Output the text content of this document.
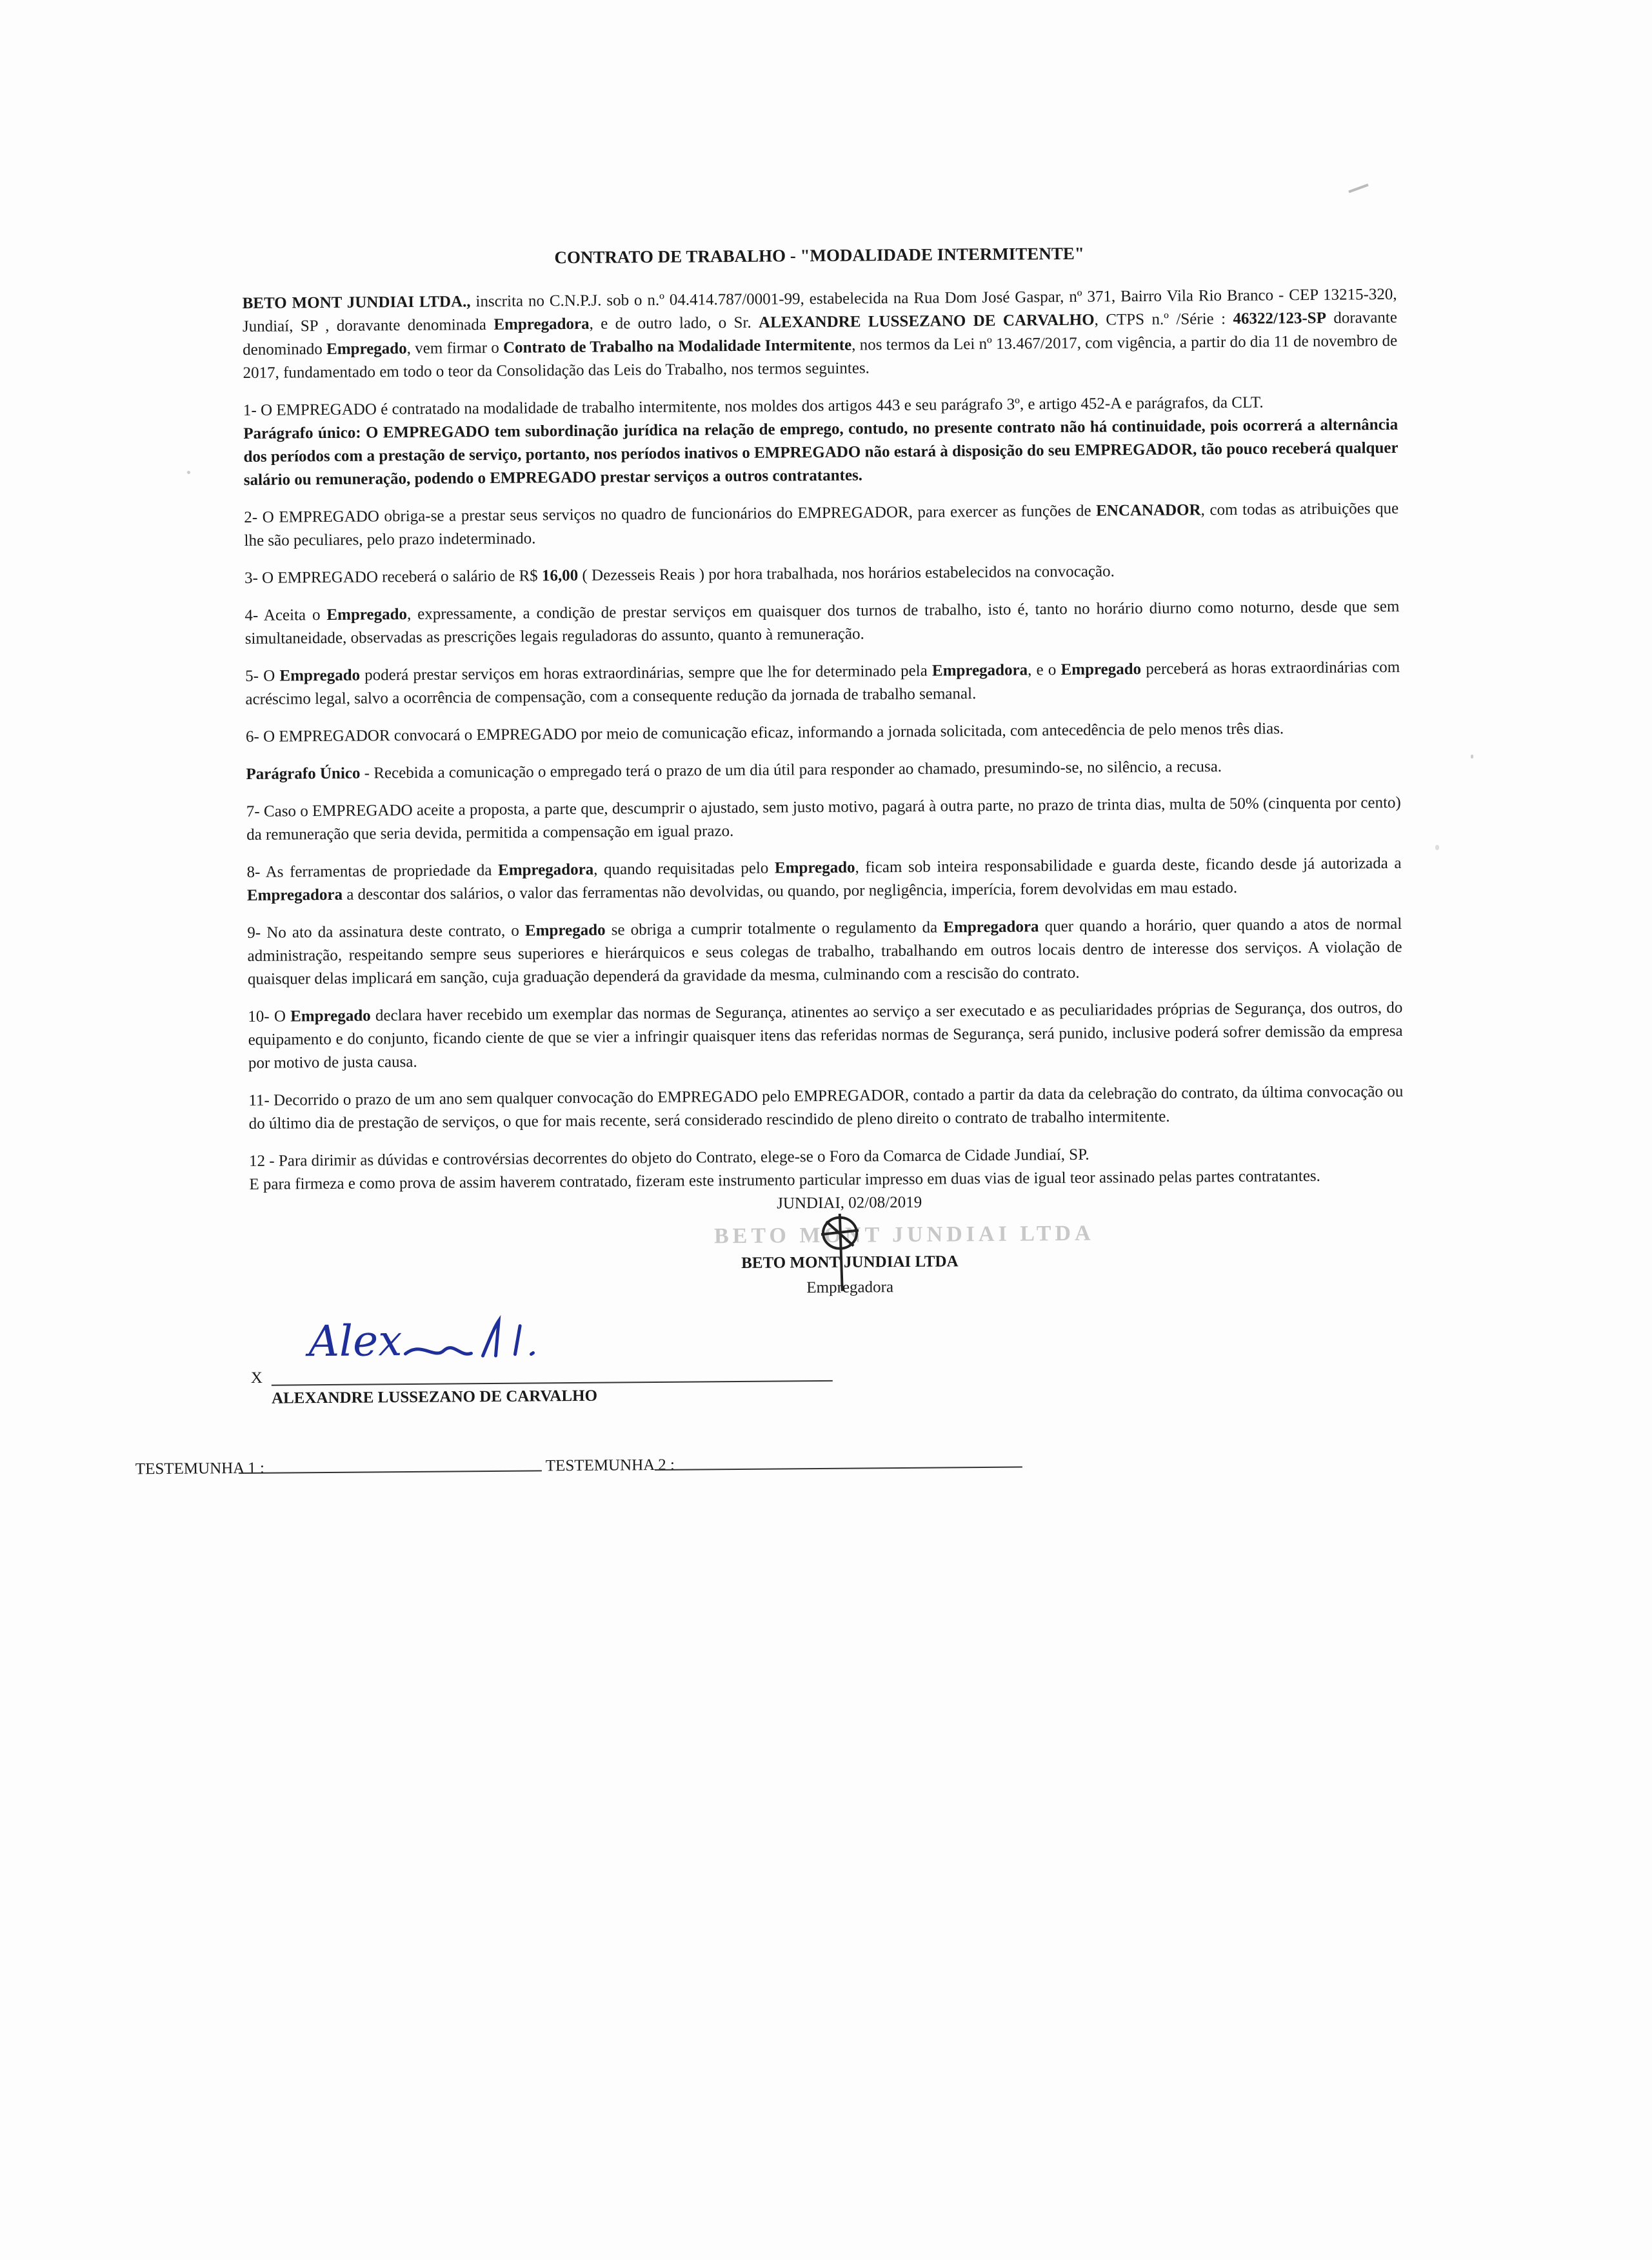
CONTRATO DE TRABALHO - "MODALIDADE INTERMITENTE"

BETO MONT JUNDIAI LTDA., inscrita no C.N.P.J. sob o n.º 04.414.787/0001-99, estabelecida na Rua Dom José Gaspar, nº 371, Bairro Vila Rio Branco - CEP 13215-320, Jundiaí, SP , doravante denominada Empregadora, e de outro lado, o Sr. ALEXANDRE LUSSEZANO DE CARVALHO, CTPS n.º /Série : 46322/123-SP doravante denominado Empregado, vem firmar o Contrato de Trabalho na Modalidade Intermitente, nos termos da Lei nº 13.467/2017, com vigência, a partir do dia 11 de novembro de 2017, fundamentado em todo o teor da Consolidação das Leis do Trabalho, nos termos seguintes.

1- O EMPREGADO é contratado na modalidade de trabalho intermitente, nos moldes dos artigos 443 e seu parágrafo 3º, e artigo 452-A e parágrafos, da CLT.

Parágrafo único: O EMPREGADO tem subordinação jurídica na relação de emprego, contudo, no presente contrato não há continuidade, pois ocorrerá a alternância dos períodos com a prestação de serviço, portanto, nos períodos inativos o EMPREGADO não estará à disposição do seu EMPREGADOR, tão pouco receberá qualquer salário ou remuneração, podendo o EMPREGADO prestar serviços a outros contratantes.

2- O EMPREGADO obriga-se a prestar seus serviços no quadro de funcionários do EMPREGADOR, para exercer as funções de ENCANADOR, com todas as atribuições que lhe são peculiares, pelo prazo indeterminado.

3- O EMPREGADO receberá o salário de R$ 16,00 ( Dezesseis Reais ) por hora trabalhada, nos horários estabelecidos na convocação.

4- Aceita o Empregado, expressamente, a condição de prestar serviços em quaisquer dos turnos de trabalho, isto é, tanto no horário diurno como noturno, desde que sem simultaneidade, observadas as prescrições legais reguladoras do assunto, quanto à remuneração.

5- O Empregado poderá prestar serviços em horas extraordinárias, sempre que lhe for determinado pela Empregadora, e o Empregado perceberá as horas extraordinárias com acréscimo legal, salvo a ocorrência de compensação, com a consequente redução da jornada de trabalho semanal.

6- O EMPREGADOR convocará o EMPREGADO por meio de comunicação eficaz, informando a jornada solicitada, com antecedência de pelo menos três dias.

Parágrafo Único - Recebida a comunicação o empregado terá o prazo de um dia útil para responder ao chamado, presumindo-se, no silêncio, a recusa.

7- Caso o EMPREGADO aceite a proposta, a parte que, descumprir o ajustado, sem justo motivo, pagará à outra parte, no prazo de trinta dias, multa de 50% (cinquenta por cento) da remuneração que seria devida, permitida a compensação em igual prazo.

8- As ferramentas de propriedade da Empregadora, quando requisitadas pelo Empregado, ficam sob inteira responsabilidade e guarda deste, ficando desde já autorizada a Empregadora a descontar dos salários, o valor das ferramentas não devolvidas, ou quando, por negligência, imperícia, forem devolvidas em mau estado.

9- No ato da assinatura deste contrato, o Empregado se obriga a cumprir totalmente o regulamento da Empregadora quer quando a horário, quer quando a atos de normal administração, respeitando sempre seus superiores e hierárquicos e seus colegas de trabalho, trabalhando em outros locais dentro de interesse dos serviços. A violação de quaisquer delas implicará em sanção, cuja graduação dependerá da gravidade da mesma, culminando com a rescisão do contrato.

10- O Empregado declara haver recebido um exemplar das normas de Segurança, atinentes ao serviço a ser executado e as peculiaridades próprias de Segurança, dos outros, do equipamento e do conjunto, ficando ciente de que se vier a infringir quaisquer itens das referidas normas de Segurança, será punido, inclusive poderá sofrer demissão da empresa por motivo de justa causa.

11- Decorrido o prazo de um ano sem qualquer convocação do EMPREGADO pelo EMPREGADOR, contado a partir da data da celebração do contrato, da última convocação ou do último dia de prestação de serviços, o que for mais recente, será considerado rescindido de pleno direito o contrato de trabalho intermitente.

12 - Para dirimir as dúvidas e controvérsias decorrentes do objeto do Contrato, elege-se o Foro da Comarca de Cidade Jundiaí, SP.

E para firmeza e como prova de assim haverem contratado, fizeram este instrumento particular impresso em duas vias de igual teor assinado pelas partes contratantes.

JUNDIAI, 02/08/2019

BETO MONT JUNDIAI LTDA
BETO MONT JUNDIAI LTDA
Empregadora
Alex
X
ALEXANDRE LUSSEZANO DE CARVALHO
TESTEMUNHA 1 :	TESTEMUNHA 2 :
